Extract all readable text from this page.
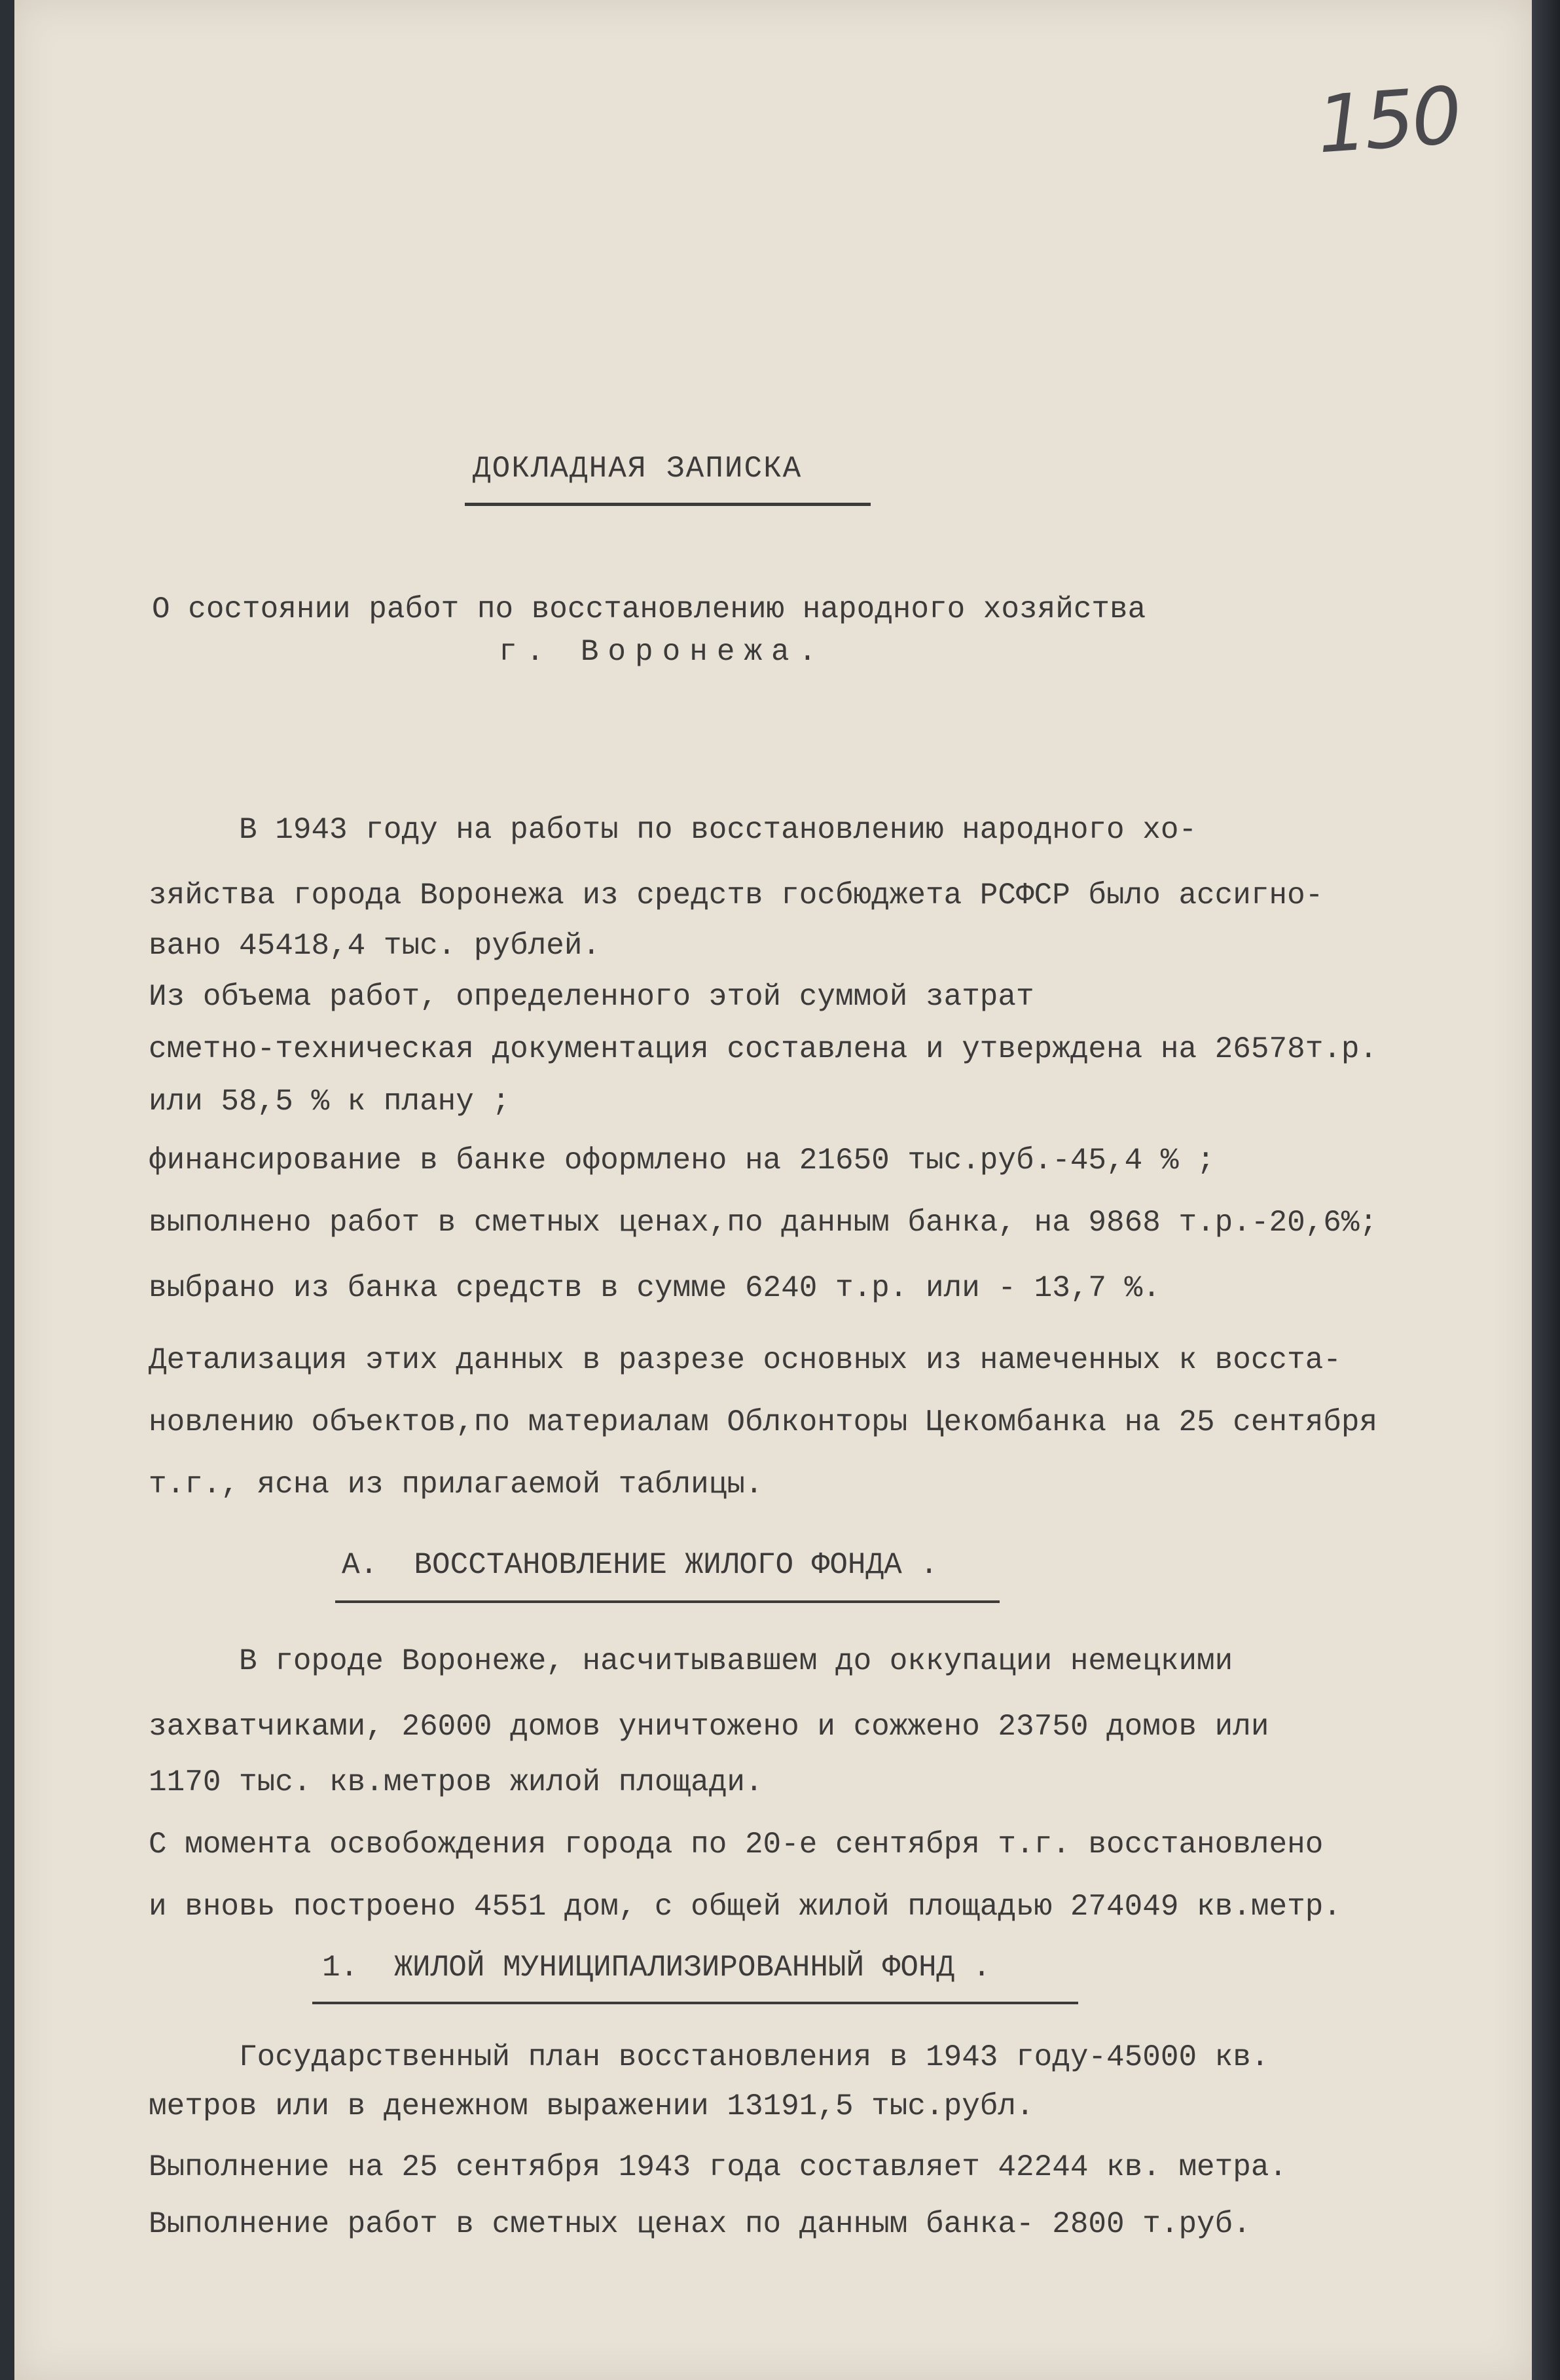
150
ДОКЛАДНАЯ ЗАПИСКА
О состоянии работ по восстановлению народного хозяйства
г. Воронежа.
В 1943 году на работы по восстановлению народного хо-
зяйства города Воронежа из средств госбюджета РСФСР было ассигно-
вано 45418,4 тыс. рублей.
Из объема работ, определенного этой суммой затрат
сметно-техническая документация составлена и утверждена на 26578т.р.
или 58,5 % к плану ;
финансирование в банке оформлено на 21650 тыс.руб.-45,4 % ;
выполнено работ в сметных ценах,по данным банка, на 9868 т.р.-20,6%;
выбрано из банка средств в сумме 6240 т.р. или - 13,7 %.
Детализация этих данных в разрезе основных из намеченных к восста-
новлению объектов,по материалам Облконторы Цекомбанка на 25 сентября
т.г., ясна из прилагаемой таблицы.
А.  ВОССТАНОВЛЕНИЕ ЖИЛОГО ФОНДА .
В городе Воронеже, насчитывавшем до оккупации немецкими
захватчиками, 26000 домов уничтожено и сожжено 23750 домов или
1170 тыс. кв.метров жилой площади.
С момента освобождения города по 20-е сентября т.г. восстановлено
и вновь построено 4551 дом, с общей жилой площадью 274049 кв.метр.
1.  ЖИЛОЙ МУНИЦИПАЛИЗИРОВАННЫЙ ФОНД .
Государственный план восстановления в 1943 году-45000 кв.
метров или в денежном выражении 13191,5 тыс.рубл.
Выполнение на 25 сентября 1943 года составляет 42244 кв. метра.
Выполнение работ в сметных ценах по данным банка- 2800 т.руб.
